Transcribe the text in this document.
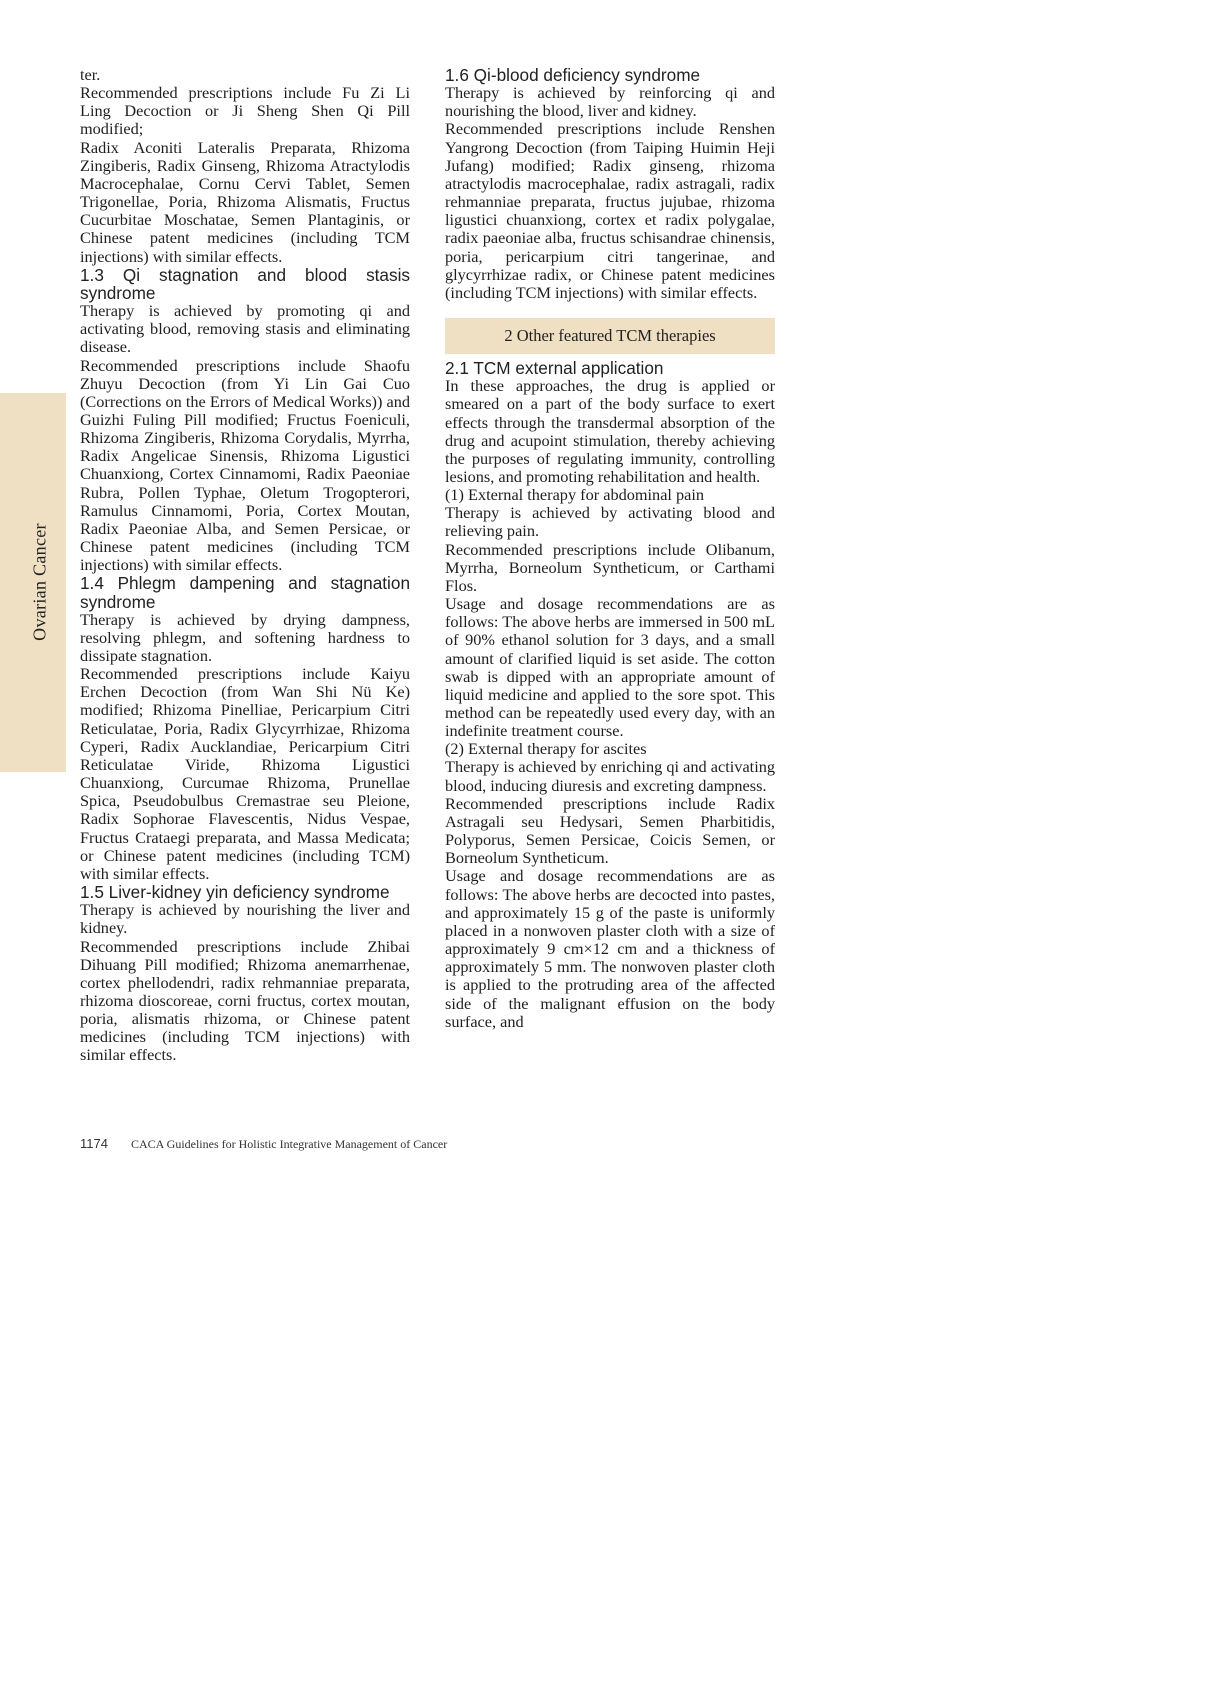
Ovarian Cancer

ter.

Recommended prescriptions include Fu Zi Li Ling Decoction or Ji Sheng Shen Qi Pill modified;

Radix Aconiti Lateralis Preparata, Rhizoma Zingiberis, Radix Ginseng, Rhizoma Atractylodis Macrocephalae, Cornu Cervi Tablet, Semen Trigonellae, Poria, Rhizoma Alismatis, Fructus Cucurbitae Moschatae, Semen Plantaginis, or Chinese patent medicines (including TCM injections) with similar effects.

1.3 Qi stagnation and blood stasis syndrome

Therapy is achieved by promoting qi and activating blood, removing stasis and eliminating disease.

Recommended prescriptions include Shaofu Zhuyu Decoction (from Yi Lin Gai Cuo (Corrections on the Errors of Medical Works)) and Guizhi Fuling Pill modified; Fructus Foeniculi, Rhizoma Zingiberis, Rhizoma Corydalis, Myrrha, Radix Angelicae Sinensis, Rhizoma Ligustici Chuanxiong, Cortex Cinnamomi, Radix Paeoniae Rubra, Pollen Typhae, Oletum Trogopterori, Ramulus Cinnamomi, Poria, Cortex Moutan, Radix Paeoniae Alba, and Semen Persicae, or Chinese patent medicines (including TCM injections) with similar effects.

1.4 Phlegm dampening and stagnation syndrome

Therapy is achieved by drying dampness, resolving phlegm, and softening hardness to dissipate stagnation.

Recommended prescriptions include Kaiyu Erchen Decoction (from Wan Shi Nü Ke) modified; Rhizoma Pinelliae, Pericarpium Citri Reticulatae, Poria, Radix Glycyrrhizae, Rhizoma Cyperi, Radix Aucklandiae, Pericarpium Citri Reticulatae Viride, Rhizoma Ligustici Chuanxiong, Curcumae Rhizoma, Prunellae Spica, Pseudobulbus Cremastrae seu Pleione, Radix Sophorae Flavescentis, Nidus Vespae, Fructus Crataegi preparata, and Massa Medicata; or Chinese patent medicines (including TCM) with similar effects.

1.5 Liver-kidney yin deficiency syndrome

Therapy is achieved by nourishing the liver and kidney.

Recommended prescriptions include Zhibai Dihuang Pill modified; Rhizoma anemarrhenae, cortex phellodendri, radix rehmanniae preparata, rhizoma dioscoreae, corni fructus, cortex moutan, poria, alismatis rhizoma, or Chinese patent medicines (including TCM injections) with similar effects.

1.6 Qi-blood deficiency syndrome

Therapy is achieved by reinforcing qi and nourishing the blood, liver and kidney.

Recommended prescriptions include Renshen Yangrong Decoction (from Taiping Huimin Heji Jufang) modified; Radix ginseng, rhizoma atractylodis macrocephalae, radix astragali, radix rehmanniae preparata, fructus jujubae, rhizoma ligustici chuanxiong, cortex et radix polygalae, radix paeoniae alba, fructus schisandrae chinensis, poria, pericarpium citri tangerinae, and glycyrrhizae radix, or Chinese patent medicines (including TCM injections) with similar effects.

2 Other featured TCM therapies
2.1 TCM external application

In these approaches, the drug is applied or smeared on a part of the body surface to exert effects through the transdermal absorption of the drug and acupoint stimulation, thereby achieving the purposes of regulating immunity, controlling lesions, and promoting rehabilitation and health.

(1) External therapy for abdominal pain

Therapy is achieved by activating blood and relieving pain.

Recommended prescriptions include Olibanum, Myrrha, Borneolum Syntheticum, or Carthami Flos.

Usage and dosage recommendations are as follows: The above herbs are immersed in 500 mL of 90% ethanol solution for 3 days, and a small amount of clarified liquid is set aside. The cotton swab is dipped with an appropriate amount of liquid medicine and applied to the sore spot. This method can be repeatedly used every day, with an indefinite treatment course.

(2) External therapy for ascites

Therapy is achieved by enriching qi and activating blood, inducing diuresis and excreting dampness.

Recommended prescriptions include Radix Astragali seu Hedysari, Semen Pharbitidis, Polyporus, Semen Persicae, Coicis Semen, or Borneolum Syntheticum.

Usage and dosage recommendations are as follows: The above herbs are decocted into pastes, and approximately 15 g of the paste is uniformly placed in a nonwoven plaster cloth with a size of approximately 9 cm×12 cm and a thickness of approximately 5 mm. The nonwoven plaster cloth is applied to the protruding area of the affected side of the malignant effusion on the body surface, and

1174 CACA Guidelines for Holistic Integrative Management of Cancer
